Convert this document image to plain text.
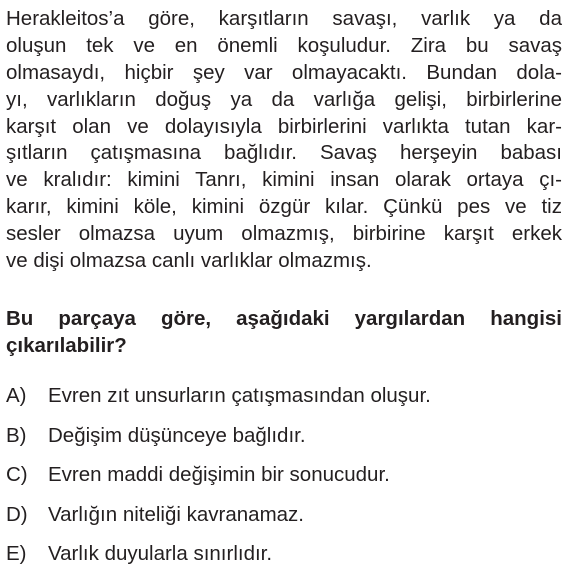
Herakleitos’a göre, karşıtların savaşı, varlık ya da
oluşun tek ve en önemli koşuludur. Zira bu savaş
olmasaydı, hiçbir şey var olmayacaktı. Bundan dola-
yı, varlıkların doğuş ya da varlığa gelişi, birbirlerine
karşıt olan ve dolayısıyla birbirlerini varlıkta tutan kar-
şıtların çatışmasına bağlıdır. Savaş herşeyin babası
ve kralıdır: kimini Tanrı, kimini insan olarak ortaya çı-
karır, kimini köle, kimini özgür kılar. Çünkü pes ve tiz
sesler olmazsa uyum olmazmış, birbirine karşıt erkek
ve dişi olmazsa canlı varlıklar olmazmış.
Bu parçaya göre, aşağıdaki yargılardan hangisi
çıkarılabilir?
A)	Evren zıt unsurların çatışmasından oluşur.
B)	Değişim düşünceye bağlıdır.
C) Evren maddi değişimin bir sonucudur.
D) Varlığın niteliği kavranamaz.
E)	Varlık duyularla sınırlıdır.
